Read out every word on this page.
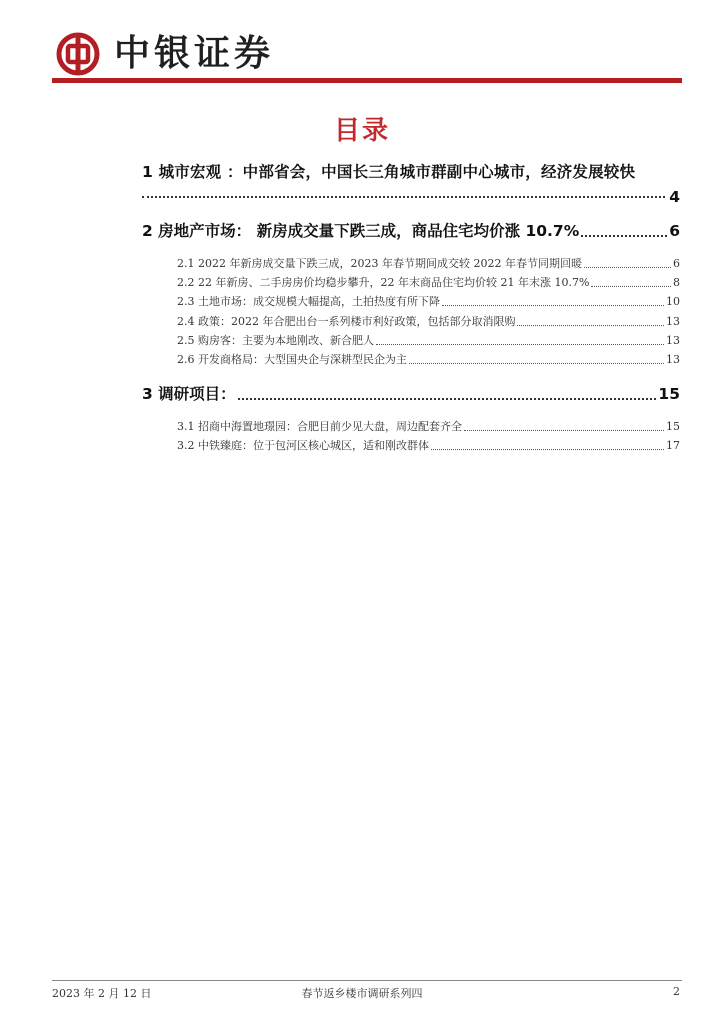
中银证券
目录
1 城市宏观 ：中部省会，中国长三角城市群副中心城市，经济发展较快
4
2 房地产市场： 新房成交量下跌三成，商品住宅均价涨 10.7%	6
2.1 2022 年新房成交量下跌三成，2023 年春节期间成交较 2022 年春节同期回暖	6
2.2 22 年新房、二手房房价均稳步攀升，22 年末商品住宅均价较 21 年末涨 10.7%	8
2.3 土地市场：成交规模大幅提高，土拍热度有所下降	10
2.4 政策：2022 年合肥出台一系列楼市利好政策，包括部分取消限购	13
2.5 购房客：主要为本地刚改、新合肥人	13
2.6 开发商格局：大型国央企与深耕型民企为主	13
3 调研项目：	15
3.1 招商中海置地璟园：合肥目前少见大盘，周边配套齐全	15
3.2 中铁臻庭：位于包河区核心城区，适和刚改群体	17
2023 年 2 月 12 日	春节返乡楼市调研系列四	2
